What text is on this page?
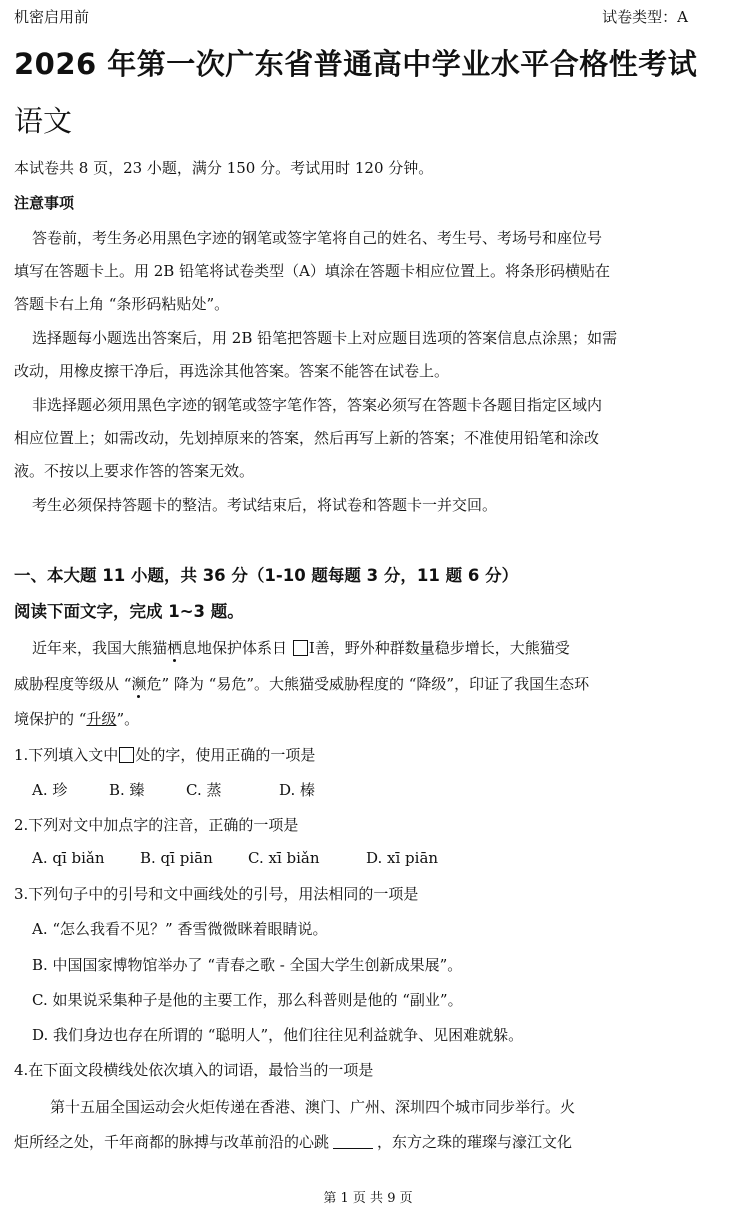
机密启用前	试卷类型：A
2026 年第一次广东省普通高中学业水平合格性考试
语文
本试卷共 8 页，23 小题，满分 150 分。考试用时 120 分钟。
注意事项
答卷前，考生务必用黑色字迹的钢笔或签字笔将自己的姓名、考生号、考场号和座位号
填写在答题卡上。用 2B 铅笔将试卷类型（A）填涂在答题卡相应位置上。将条形码横贴在
答题卡右上角 “条形码粘贴处”。
选择题每小题选出答案后，用 2B 铅笔把答题卡上对应题目选项的答案信息点涂黑；如需
改动，用橡皮擦干净后，再选涂其他答案。答案不能答在试卷上。
非选择题必须用黑色字迹的钢笔或签字笔作答，答案必须写在答题卡各题目指定区域内
相应位置上；如需改动，先划掉原来的答案，然后再写上新的答案；不准使用铅笔和涂改
液。不按以上要求作答的答案无效。
考生必须保持答题卡的整洁。考试结束后，将试卷和答题卡一并交回。
一、本大题 11 小题，共 36 分（1-10 题每题 3 分，11 题 6 分）
阅读下面文字，完成 1~3 题。
近年来，我国大熊猫栖息地保护体系日 Ⅰ善，野外种群数量稳步增长，大熊猫受
威胁程度等级从 “濒危” 降为 “易危”。大熊猫受威胁程度的 “降级”，印证了我国生态环
境保护的 “升级”。
1.下列填入文中 处的字，使用正确的一项是
A. 珍	B. 臻	C. 蒸	D. 榛
2.下列对文中加点字的注音，正确的一项是
A. qī biǎn B. qī piān C. xī biǎn	D. xī piān
3.下列句子中的引号和文中画线处的引号，用法相同的一项是
A. “怎么我看不见？” 香雪微微眯着眼睛说。
B. 中国国家博物馆举办了 “青春之歌 - 全国大学生创新成果展”。
C. 如果说采集种子是他的主要工作，那么科普则是他的 “副业”。
D. 我们身边也存在所谓的 “聪明人”，他们往往见利益就争、见困难就躲。
4.在下面文段横线处依次填入的词语，最恰当的一项是
第十五届全国运动会火炬传递在香港、澳门、广州、深圳四个城市同步举行。火
炬所经之处，千年商都的脉搏与改革前沿的心跳	，东方之珠的璀璨与濠江文化
第 1 页 共 9 页
